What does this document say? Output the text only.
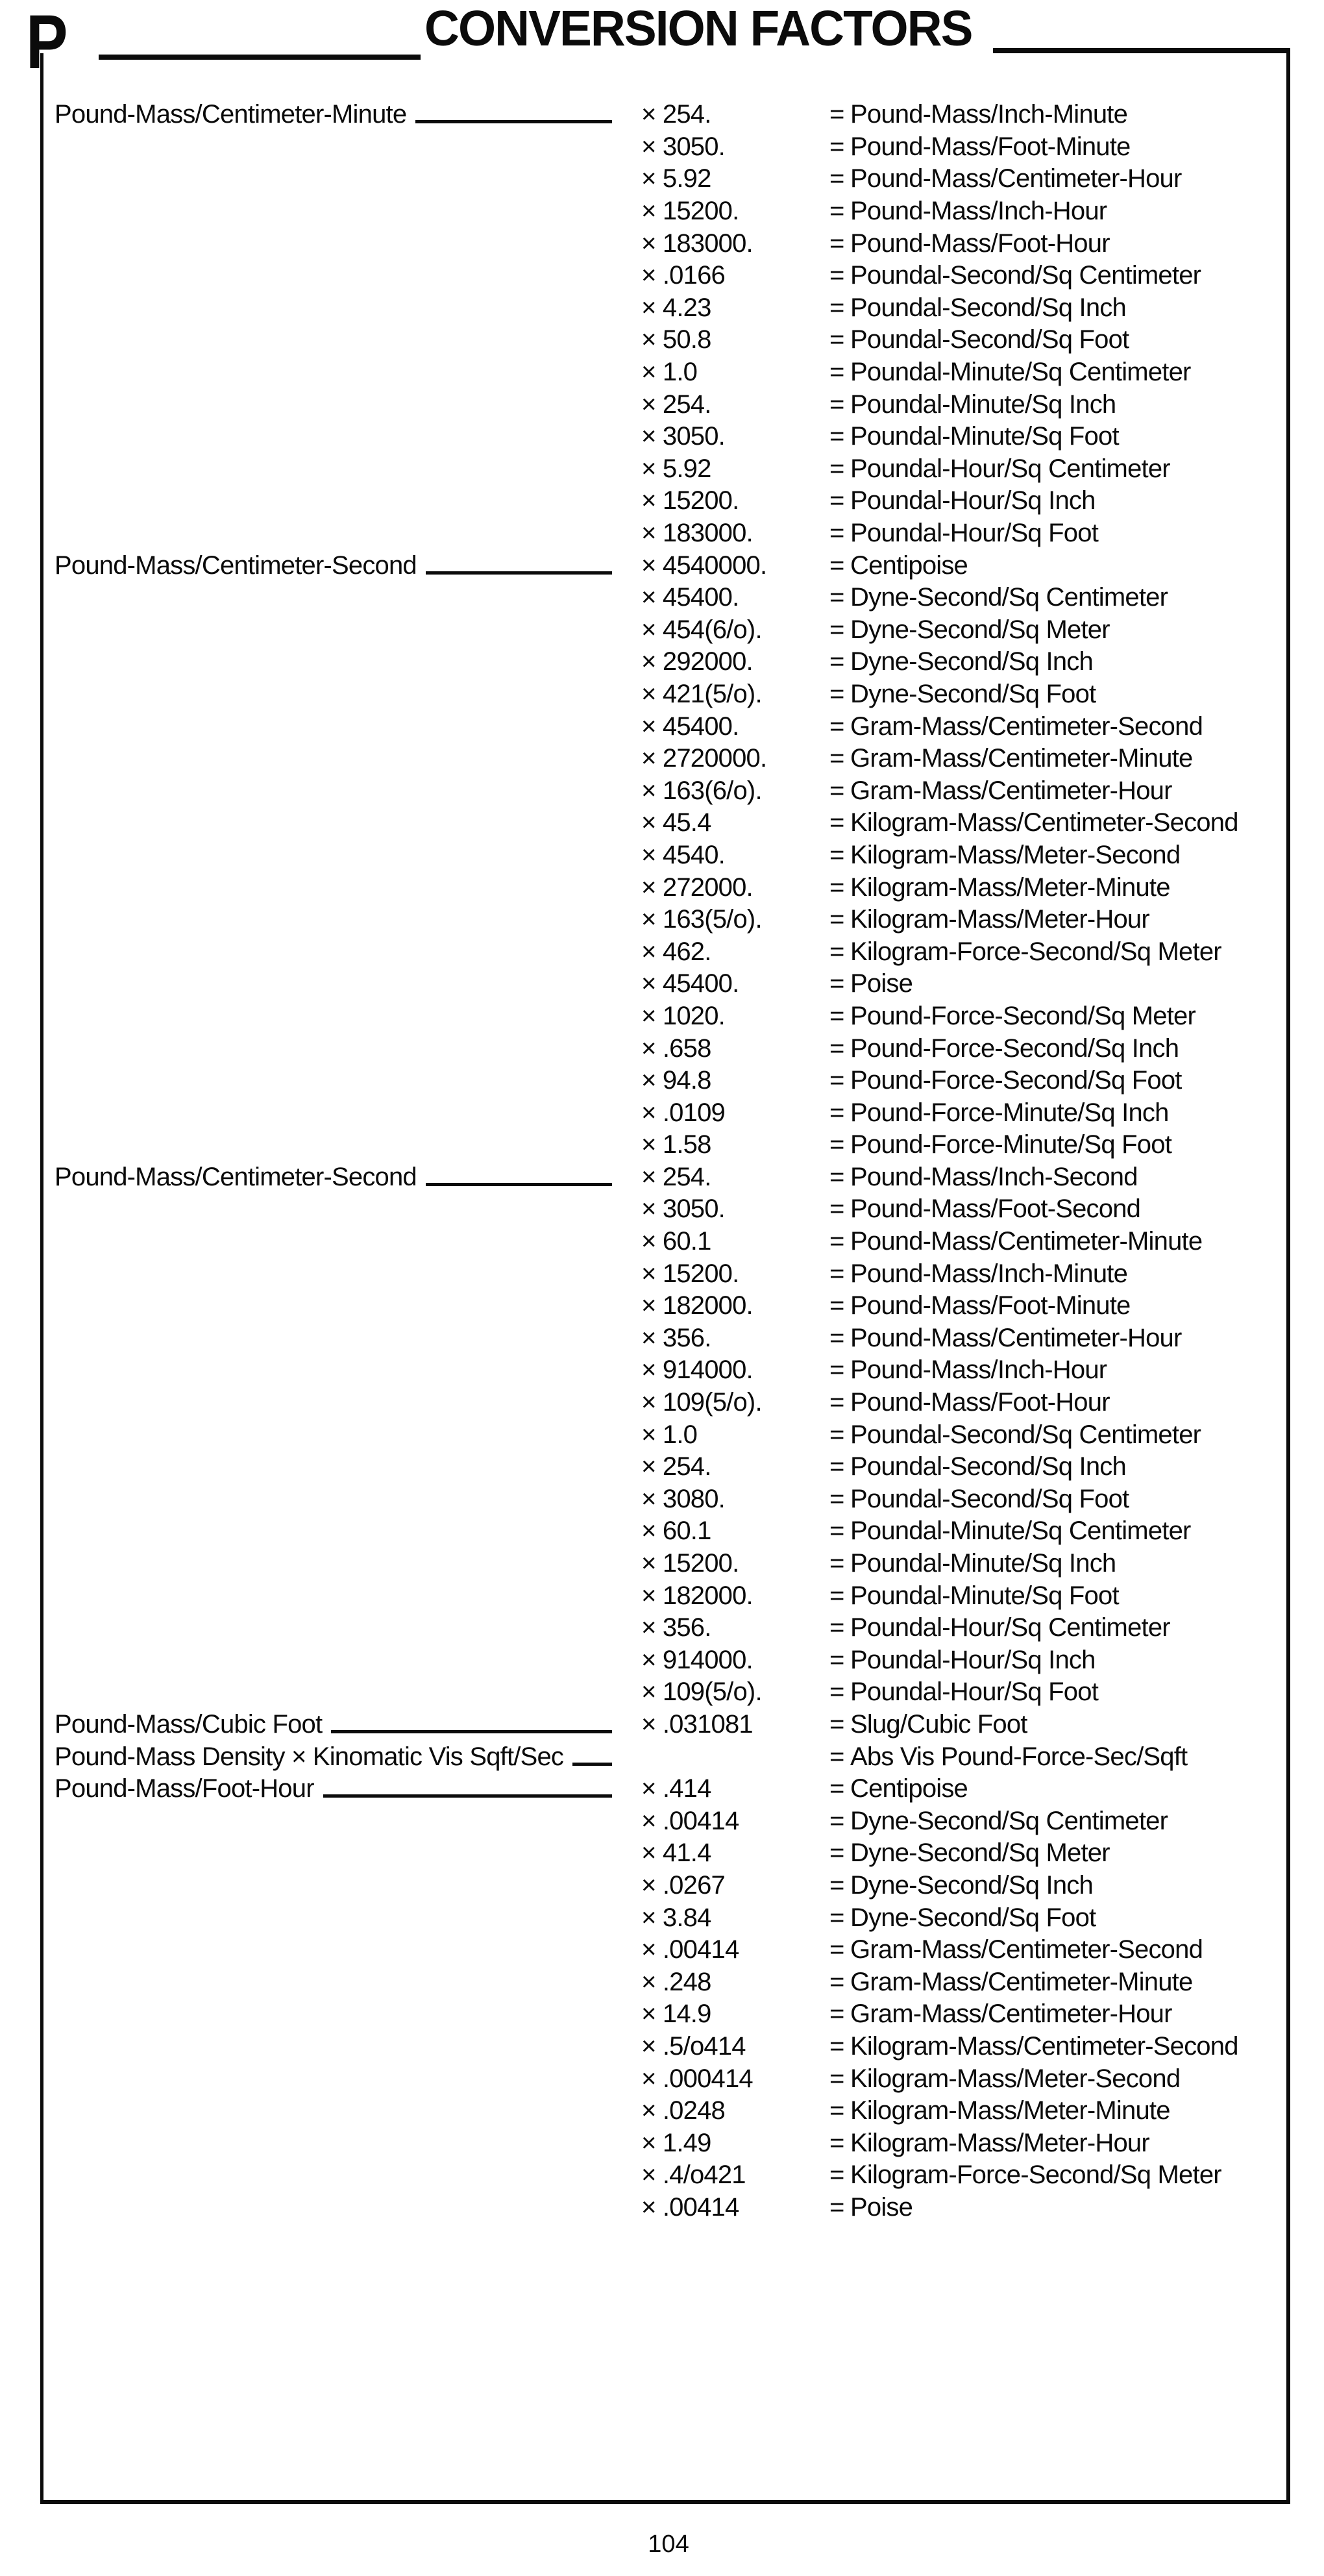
P	CONVERSION FACTORS
Pound-Mass/Centimeter-Minute	× 254.	= Pound-Mass/Inch-Minute
× 3050.	= Pound-Mass/Foot-Minute
× 5.92	= Pound-Mass/Centimeter-Hour
× 15200.	= Pound-Mass/Inch-Hour
× 183000.	= Pound-Mass/Foot-Hour
× .0166	= Poundal-Second/Sq Centimeter
× 4.23	= Poundal-Second/Sq Inch
× 50.8	= Poundal-Second/Sq Foot
× 1.0	= Poundal-Minute/Sq Centimeter
× 254.	= Poundal-Minute/Sq Inch
× 3050.	= Poundal-Minute/Sq Foot
× 5.92	= Poundal-Hour/Sq Centimeter
× 15200.	= Poundal-Hour/Sq Inch
× 183000.	= Poundal-Hour/Sq Foot
Pound-Mass/Centimeter-Second	× 4540000.	= Centipoise
× 45400.	= Dyne-Second/Sq Centimeter
× 454(6/o).	= Dyne-Second/Sq Meter
× 292000.	= Dyne-Second/Sq Inch
× 421(5/o).	= Dyne-Second/Sq Foot
× 45400.	= Gram-Mass/Centimeter-Second
× 2720000.	= Gram-Mass/Centimeter-Minute
× 163(6/o).	= Gram-Mass/Centimeter-Hour
× 45.4	= Kilogram-Mass/Centimeter-Second
× 4540.	= Kilogram-Mass/Meter-Second
× 272000.	= Kilogram-Mass/Meter-Minute
× 163(5/o).	= Kilogram-Mass/Meter-Hour
× 462.	= Kilogram-Force-Second/Sq Meter
× 45400.	= Poise
× 1020.	= Pound-Force-Second/Sq Meter
× .658	= Pound-Force-Second/Sq Inch
× 94.8	= Pound-Force-Second/Sq Foot
× .0109	= Pound-Force-Minute/Sq Inch
× 1.58	= Pound-Force-Minute/Sq Foot
Pound-Mass/Centimeter-Second	× 254.	= Pound-Mass/Inch-Second
× 3050.	= Pound-Mass/Foot-Second
× 60.1	= Pound-Mass/Centimeter-Minute
× 15200.	= Pound-Mass/Inch-Minute
× 182000.	= Pound-Mass/Foot-Minute
× 356.	= Pound-Mass/Centimeter-Hour
× 914000.	= Pound-Mass/Inch-Hour
× 109(5/o).	= Pound-Mass/Foot-Hour
× 1.0	= Poundal-Second/Sq Centimeter
× 254.	= Poundal-Second/Sq Inch
× 3080.	= Poundal-Second/Sq Foot
× 60.1	= Poundal-Minute/Sq Centimeter
× 15200.	= Poundal-Minute/Sq Inch
× 182000.	= Poundal-Minute/Sq Foot
× 356.	= Poundal-Hour/Sq Centimeter
× 914000.	= Poundal-Hour/Sq Inch
× 109(5/o).	= Poundal-Hour/Sq Foot
Pound-Mass/Cubic Foot	× .031081	= Slug/Cubic Foot
Pound-Mass Density × Kinomatic Vis Sqft/Sec	= Abs Vis Pound-Force-Sec/Sqft
Pound-Mass/Foot-Hour	× .414	= Centipoise
× .00414	= Dyne-Second/Sq Centimeter
× 41.4	= Dyne-Second/Sq Meter
× .0267	= Dyne-Second/Sq Inch
× 3.84	= Dyne-Second/Sq Foot
× .00414	= Gram-Mass/Centimeter-Second
× .248	= Gram-Mass/Centimeter-Minute
× 14.9	= Gram-Mass/Centimeter-Hour
× .5/o414	= Kilogram-Mass/Centimeter-Second
× .000414	= Kilogram-Mass/Meter-Second
× .0248	= Kilogram-Mass/Meter-Minute
× 1.49	= Kilogram-Mass/Meter-Hour
× .4/o421	= Kilogram-Force-Second/Sq Meter
× .00414	= Poise
104
